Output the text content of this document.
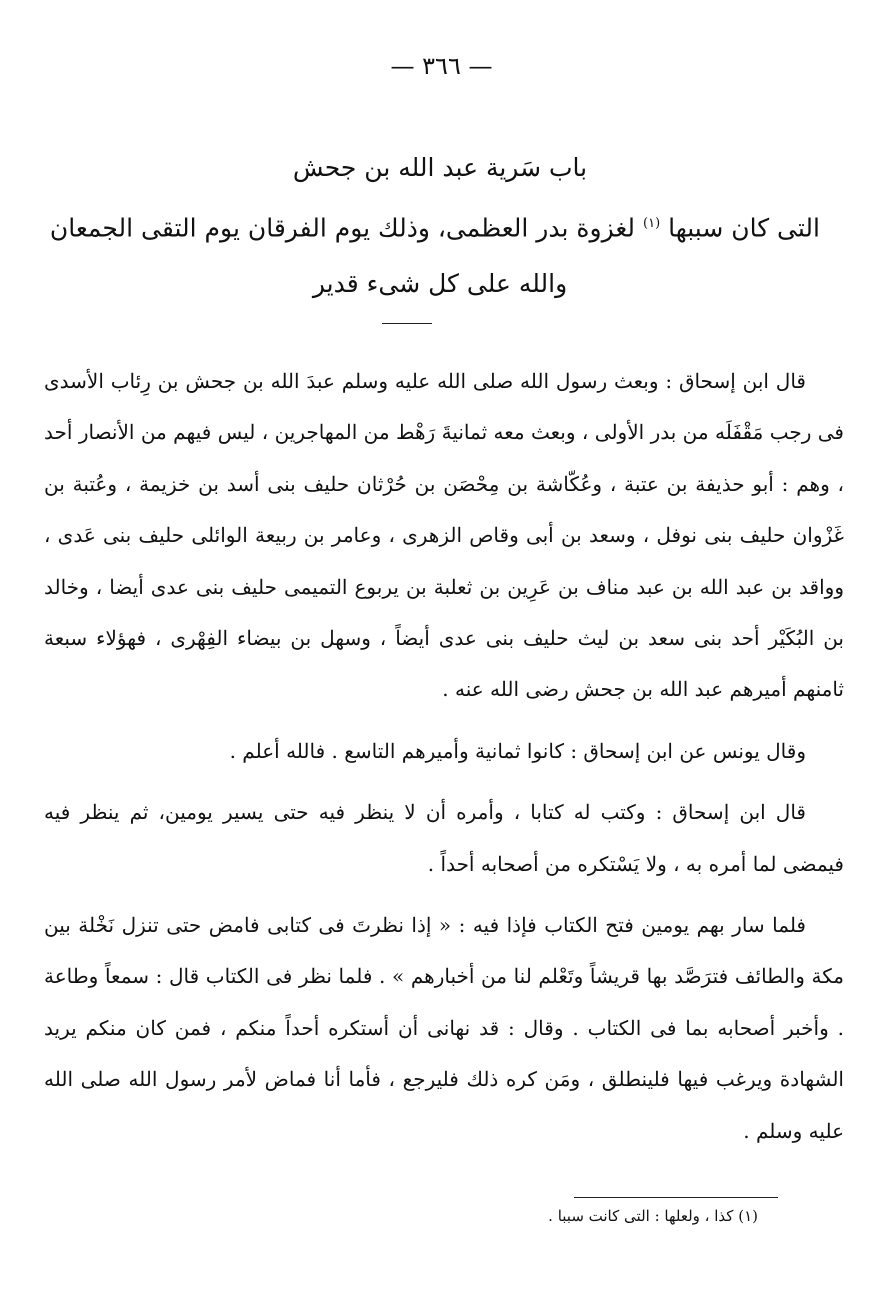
— ٣٦٦ —
باب سَرية عبد الله بن جحش
التى كان سببها $^{(١)}$ لغزوة بدر العظمى، وذلك يوم الفرقان يوم التقى الجمعان
والله على كل شىء قدير

قال ابن إسحاق : وبعث رسول الله صلى الله عليه وسلم عبدَ الله بن جحش بن رِئاب الأسدى فى رجب مَقْفَلَه من بدر الأولى ، وبعث معه ثمانيةَ رَهْط من المهاجرين ، ليس فيهم من الأنصار أحد ، وهم : أبو حذيفة بن عتبة ، وعُكّاشة بن مِحْصَن بن حُرْثان حليف بنى أسد بن خزيمة ، وعُتبة بن غَزْوان حليف بنى نوفل ، وسعد بن أبى وقاص الزهرى ، وعامر بن ربيعة الوائلى حليف بنى عَدى ، وواقد بن عبد الله بن عبد مناف بن عَرِين بن ثعلبة بن يربوع التميمى حليف بنى عدى أيضا ، وخالد بن البُكَيْر أحد بنى سعد بن ليث حليف بنى عدى أيضاً ، وسهل بن بيضاء الفِهْرى ، فهؤلاء سبعة ثامنهم أميرهم عبد الله بن جحش رضى الله عنه .

وقال يونس عن ابن إسحاق : كانوا ثمانية وأميرهم التاسع . فالله أعلم .

قال ابن إسحاق : وكتب له كتابا ، وأمره أن لا ينظر فيه حتى يسير يومين، ثم ينظر فيه فيمضى لما أمره به ، ولا يَسْتكره من أصحابه أحداً .

فلما سار بهم يومين فتح الكتاب فإذا فيه : « إذا نظرتَ فى كتابى فامض حتى تنزل نَخْلة بين مكة والطائف فترَصَّد بها قريشاً وتَعْلم لنا من أخبارهم » . فلما نظر فى الكتاب قال : سمعاً وطاعة . وأخبر أصحابه بما فى الكتاب . وقال : قد نهانى أن أستكره أحداً منكم ، فمن كان منكم يريد الشهادة ويرغب فيها فلينطلق ، ومَن كره ذلك فليرجع ، فأما أنا فماض لأمر رسول الله صلى الله عليه وسلم .

(١) كذا ، ولعلها : التى كانت سببا .
